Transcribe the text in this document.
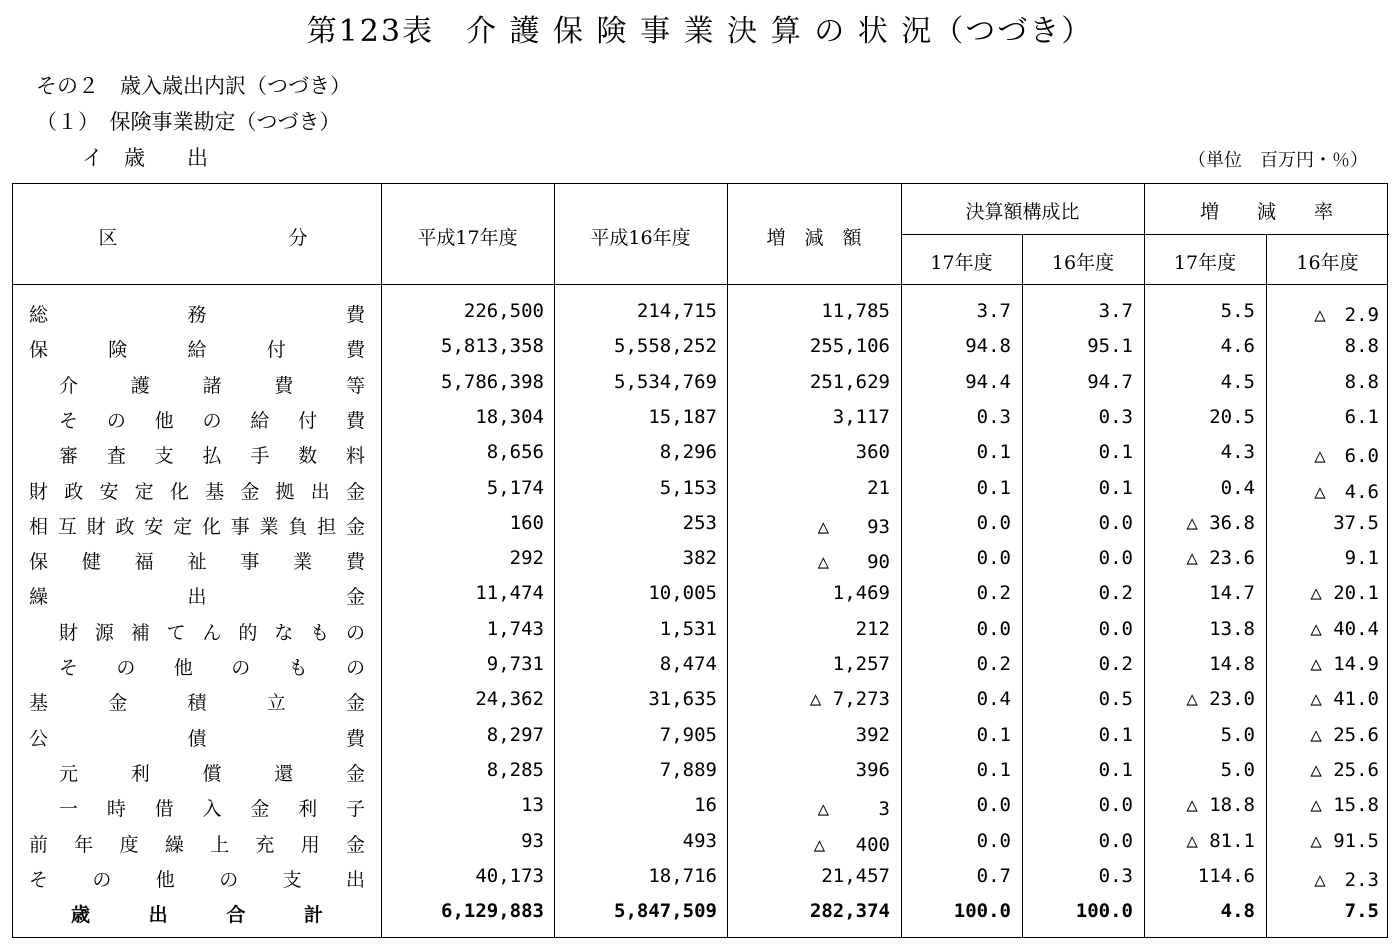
第123表　介 護 保 険 事 業 決 算 の 状 況（つづき）
その２　歳入歳出内訳（つづき）
（１）　保険事業勘定（つづき）
イ　歳　　出	（単位　百万円・％）
区　　　　　　　　　分	平成17年度	平成16年度	増　減　額
決算額構成比
17年度	16年度
増　　減　　率
17年度	16年度
総務費	226,500	214,715	11,785	3.7	3.7	5.5	△　2.9
保険給付費	5,813,358	5,558,252	255,106	94.8	95.1	4.6	8.8
介護諸費等	5,786,398	5,534,769	251,629	94.4	94.7	4.5	8.8
その他の給付費	18,304	15,187	3,117	0.3	0.3	20.5	6.1
審査支払手数料	8,656	8,296	360	0.1	0.1	4.3	△　6.0
財政安定化基金拠出金	5,174	5,153	21	0.1	0.1	0.4	△　4.6
相互財政安定化事業負担金	160	253	△　　93	0.0	0.0	△ 36.8	37.5
保健福祉事業費	292	382	△　　90	0.0	0.0	△ 23.6	9.1
繰出金	11,474	10,005	1,469	0.2	0.2	14.7	△ 20.1
財源補てん的なもの	1,743	1,531	212	0.0	0.0	13.8	△ 40.4
その他のもの	9,731	8,474	1,257	0.2	0.2	14.8	△ 14.9
基金積立金	24,362	31,635	△ 7,273	0.4	0.5	△ 23.0	△ 41.0
公債費	8,297	7,905	392	0.1	0.1	5.0	△ 25.6
元利償還金	8,285	7,889	396	0.1	0.1	5.0	△ 25.6
一時借入金利子	13	16	△　　 3	0.0	0.0	△ 18.8	△ 15.8
前年度繰上充用金	93	493	△　 400	0.0	0.0	△ 81.1	△ 91.5
その他の支出	40,173	18,716	21,457	0.7	0.3	114.6	△　2.3
歳出合計	6,129,883	5,847,509	282,374	100.0	100.0	4.8	7.5
